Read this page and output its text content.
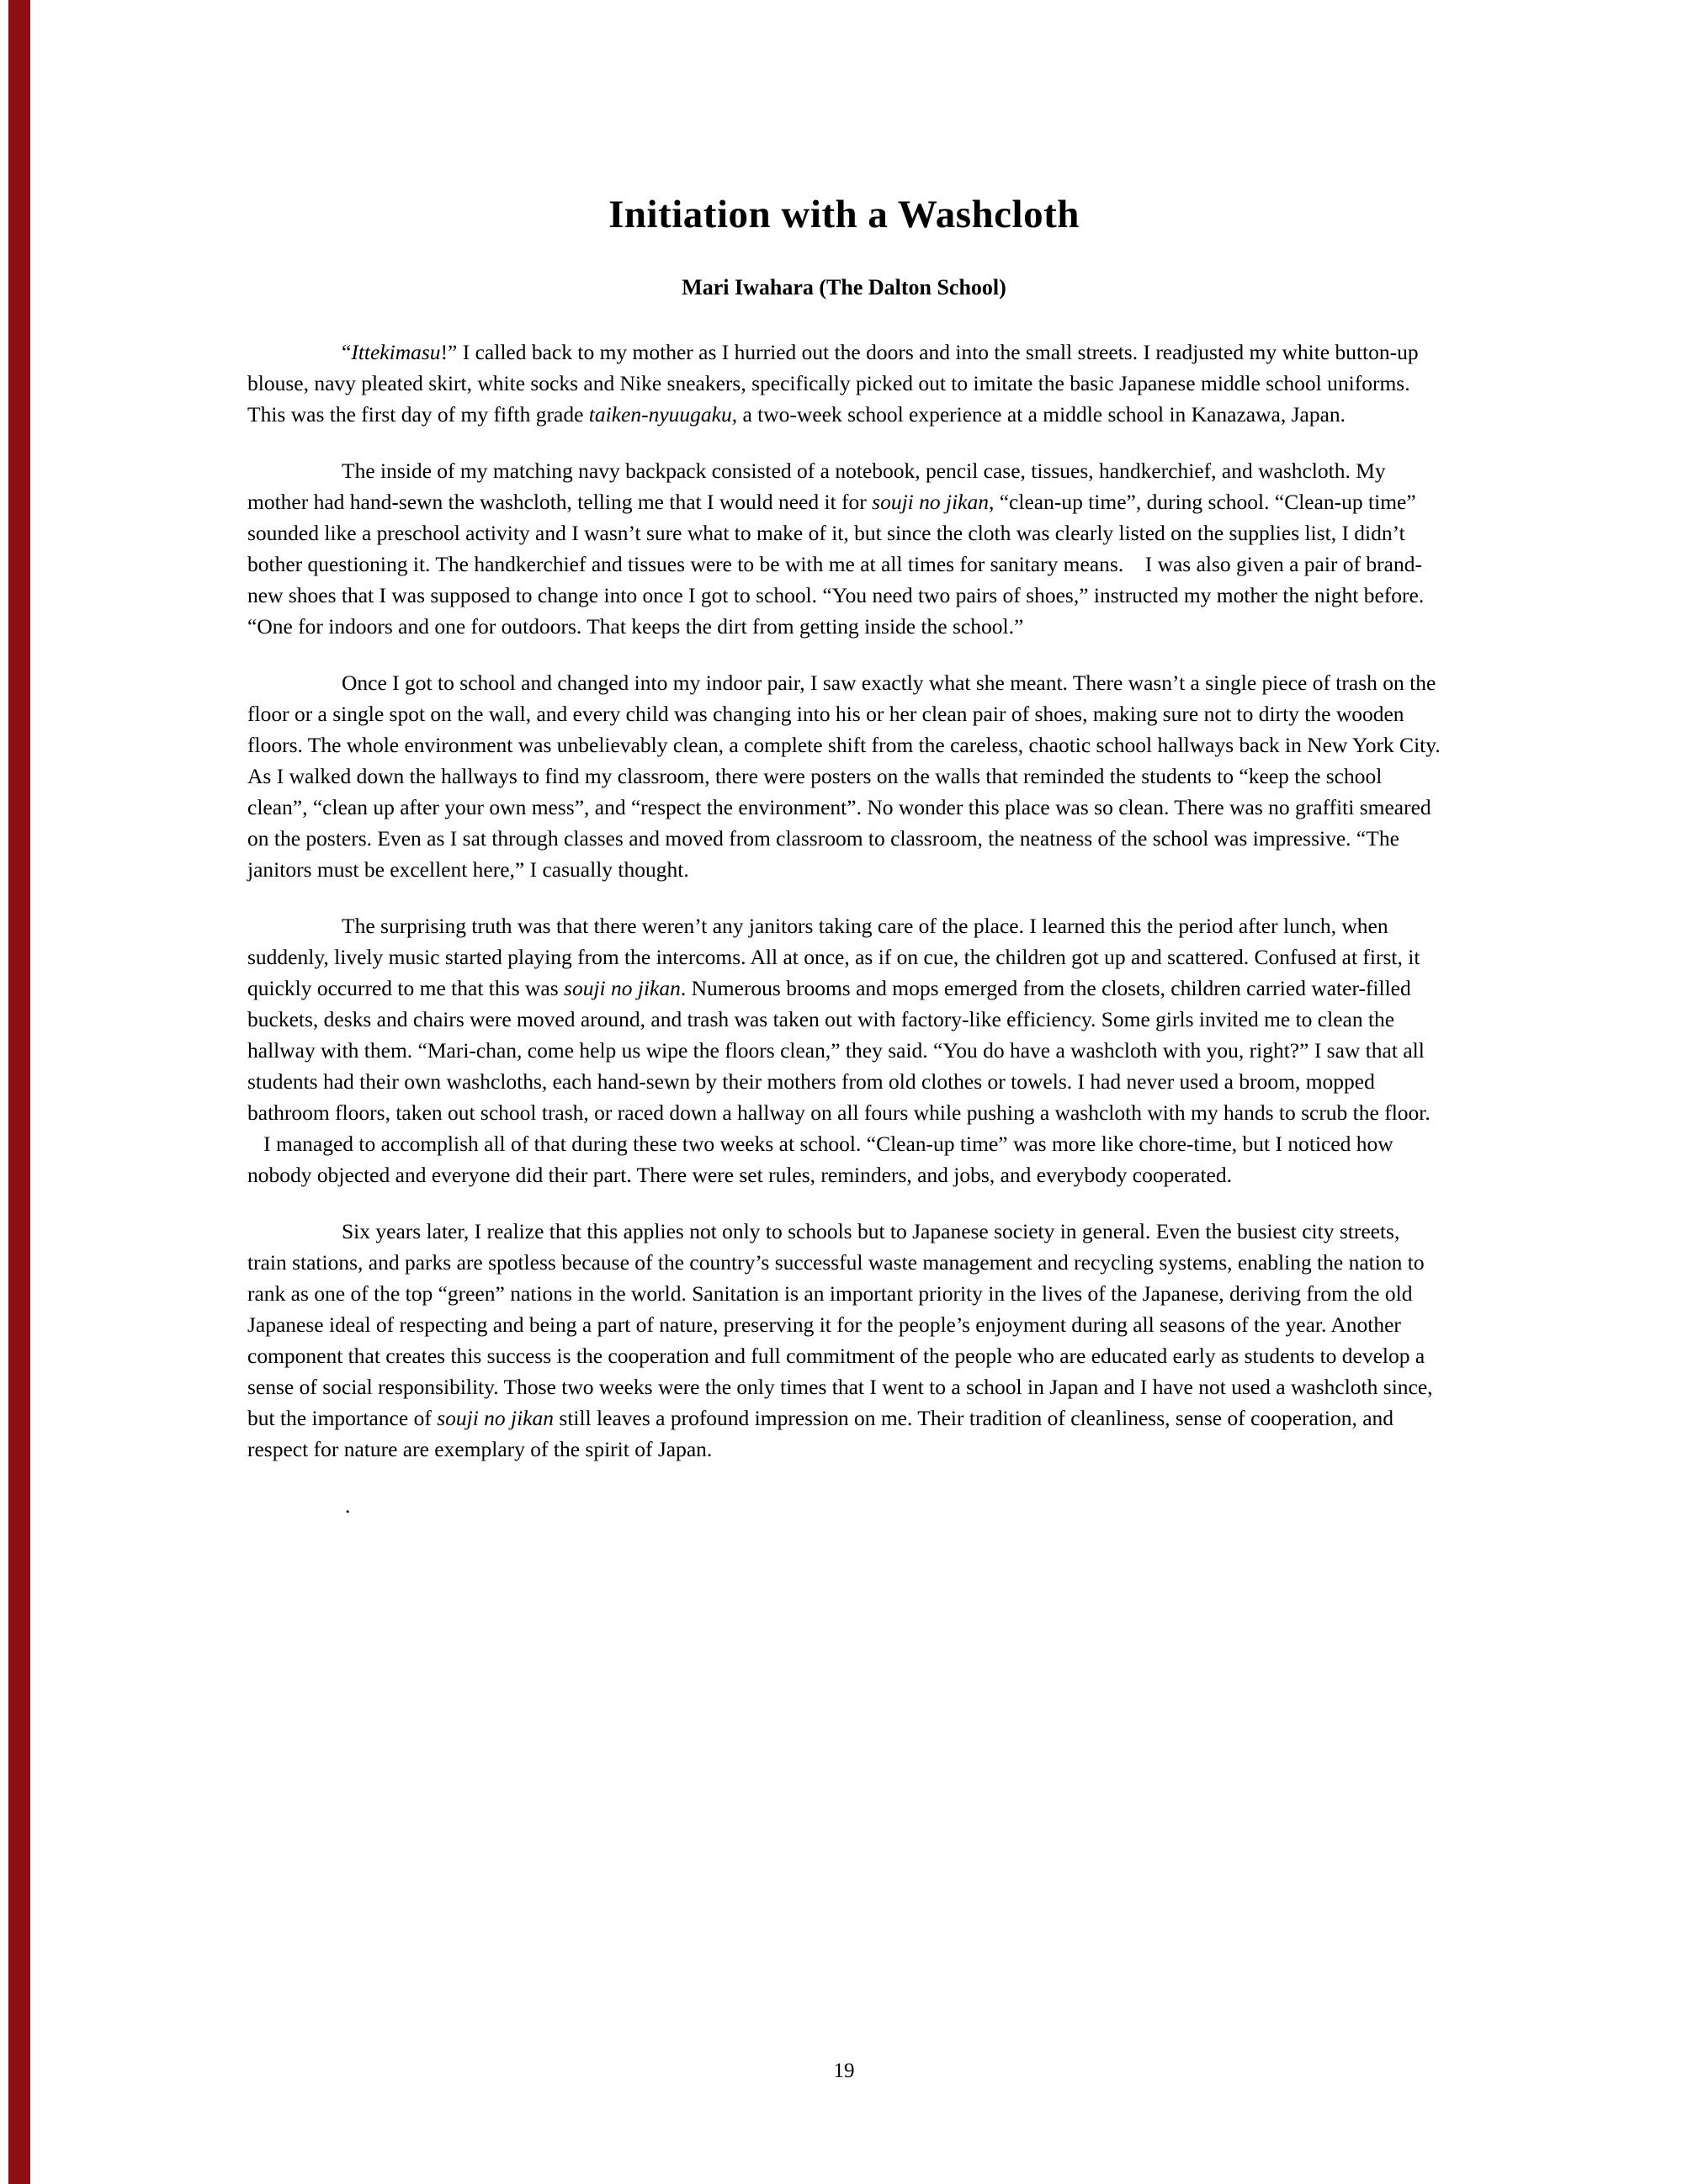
Initiation with a Washcloth
Mari Iwahara (The Dalton School)

“Ittekimasu!” I called back to my mother as I hurried out the doors and into the small streets. I readjusted my white button-up blouse, navy pleated skirt, white socks and Nike sneakers, specifically picked out to imitate the basic Japanese middle school uniforms. This was the first day of my fifth grade taiken-nyuugaku, a two-week school experience at a middle school in Kanazawa, Japan.

The inside of my matching navy backpack consisted of a notebook, pencil case, tissues, handkerchief, and washcloth. My mother had hand-sewn the washcloth, telling me that I would need it for souji no jikan, “clean-up time”, during school. “Clean-up time” sounded like a preschool activity and I wasn’t sure what to make of it, but since the cloth was clearly listed on the supplies list, I didn’t bother questioning it. The handkerchief and tissues were to be with me at all times for sanitary means.   I was also given a pair of brand-new shoes that I was supposed to change into once I got to school. “You need two pairs of shoes,” instructed my mother the night before. “One for indoors and one for outdoors. That keeps the dirt from getting inside the school.”

Once I got to school and changed into my indoor pair, I saw exactly what she meant. There wasn’t a single piece of trash on the floor or a single spot on the wall, and every child was changing into his or her clean pair of shoes, making sure not to dirty the wooden floors. The whole environment was unbelievably clean, a complete shift from the careless, chaotic school hallways back in New York City. As I walked down the hallways to find my classroom, there were posters on the walls that reminded the students to “keep the school clean”, “clean up after your own mess”, and “respect the environment”. No wonder this place was so clean. There was no graffiti smeared on the posters. Even as I sat through classes and moved from classroom to classroom, the neatness of the school was impressive. “The janitors must be excellent here,” I casually thought.

The surprising truth was that there weren’t any janitors taking care of the place. I learned this the period after lunch, when suddenly, lively music started playing from the intercoms. All at once, as if on cue, the children got up and scattered. Confused at first, it quickly occurred to me that this was souji no jikan. Numerous brooms and mops emerged from the closets, children carried water-filled buckets, desks and chairs were moved around, and trash was taken out with factory-like efficiency. Some girls invited me to clean the hallway with them. “Mari-chan, come help us wipe the floors clean,” they said. “You do have a washcloth with you, right?” I saw that all students had their own washcloths, each hand-sewn by their mothers from old clothes or towels. I had never used a broom, mopped bathroom floors, taken out school trash, or raced down a hallway on all fours while pushing a washcloth with my hands to scrub the floor.   I managed to accomplish all of that during these two weeks at school. “Clean-up time” was more like chore-time, but I noticed how nobody objected and everyone did their part. There were set rules, reminders, and jobs, and everybody cooperated.

Six years later, I realize that this applies not only to schools but to Japanese society in general. Even the busiest city streets, train stations, and parks are spotless because of the country’s successful waste management and recycling systems, enabling the nation to rank as one of the top “green” nations in the world. Sanitation is an important priority in the lives of the Japanese, deriving from the old Japanese ideal of respecting and being a part of nature, preserving it for the people’s enjoyment during all seasons of the year. Another component that creates this success is the cooperation and full commitment of the people who are educated early as students to develop a sense of social responsibility. Those two weeks were the only times that I went to a school in Japan and I have not used a washcloth since, but the importance of souji no jikan still leaves a profound impression on me. Their tradition of cleanliness, sense of cooperation, and respect for nature are exemplary of the spirit of Japan.

.
19
